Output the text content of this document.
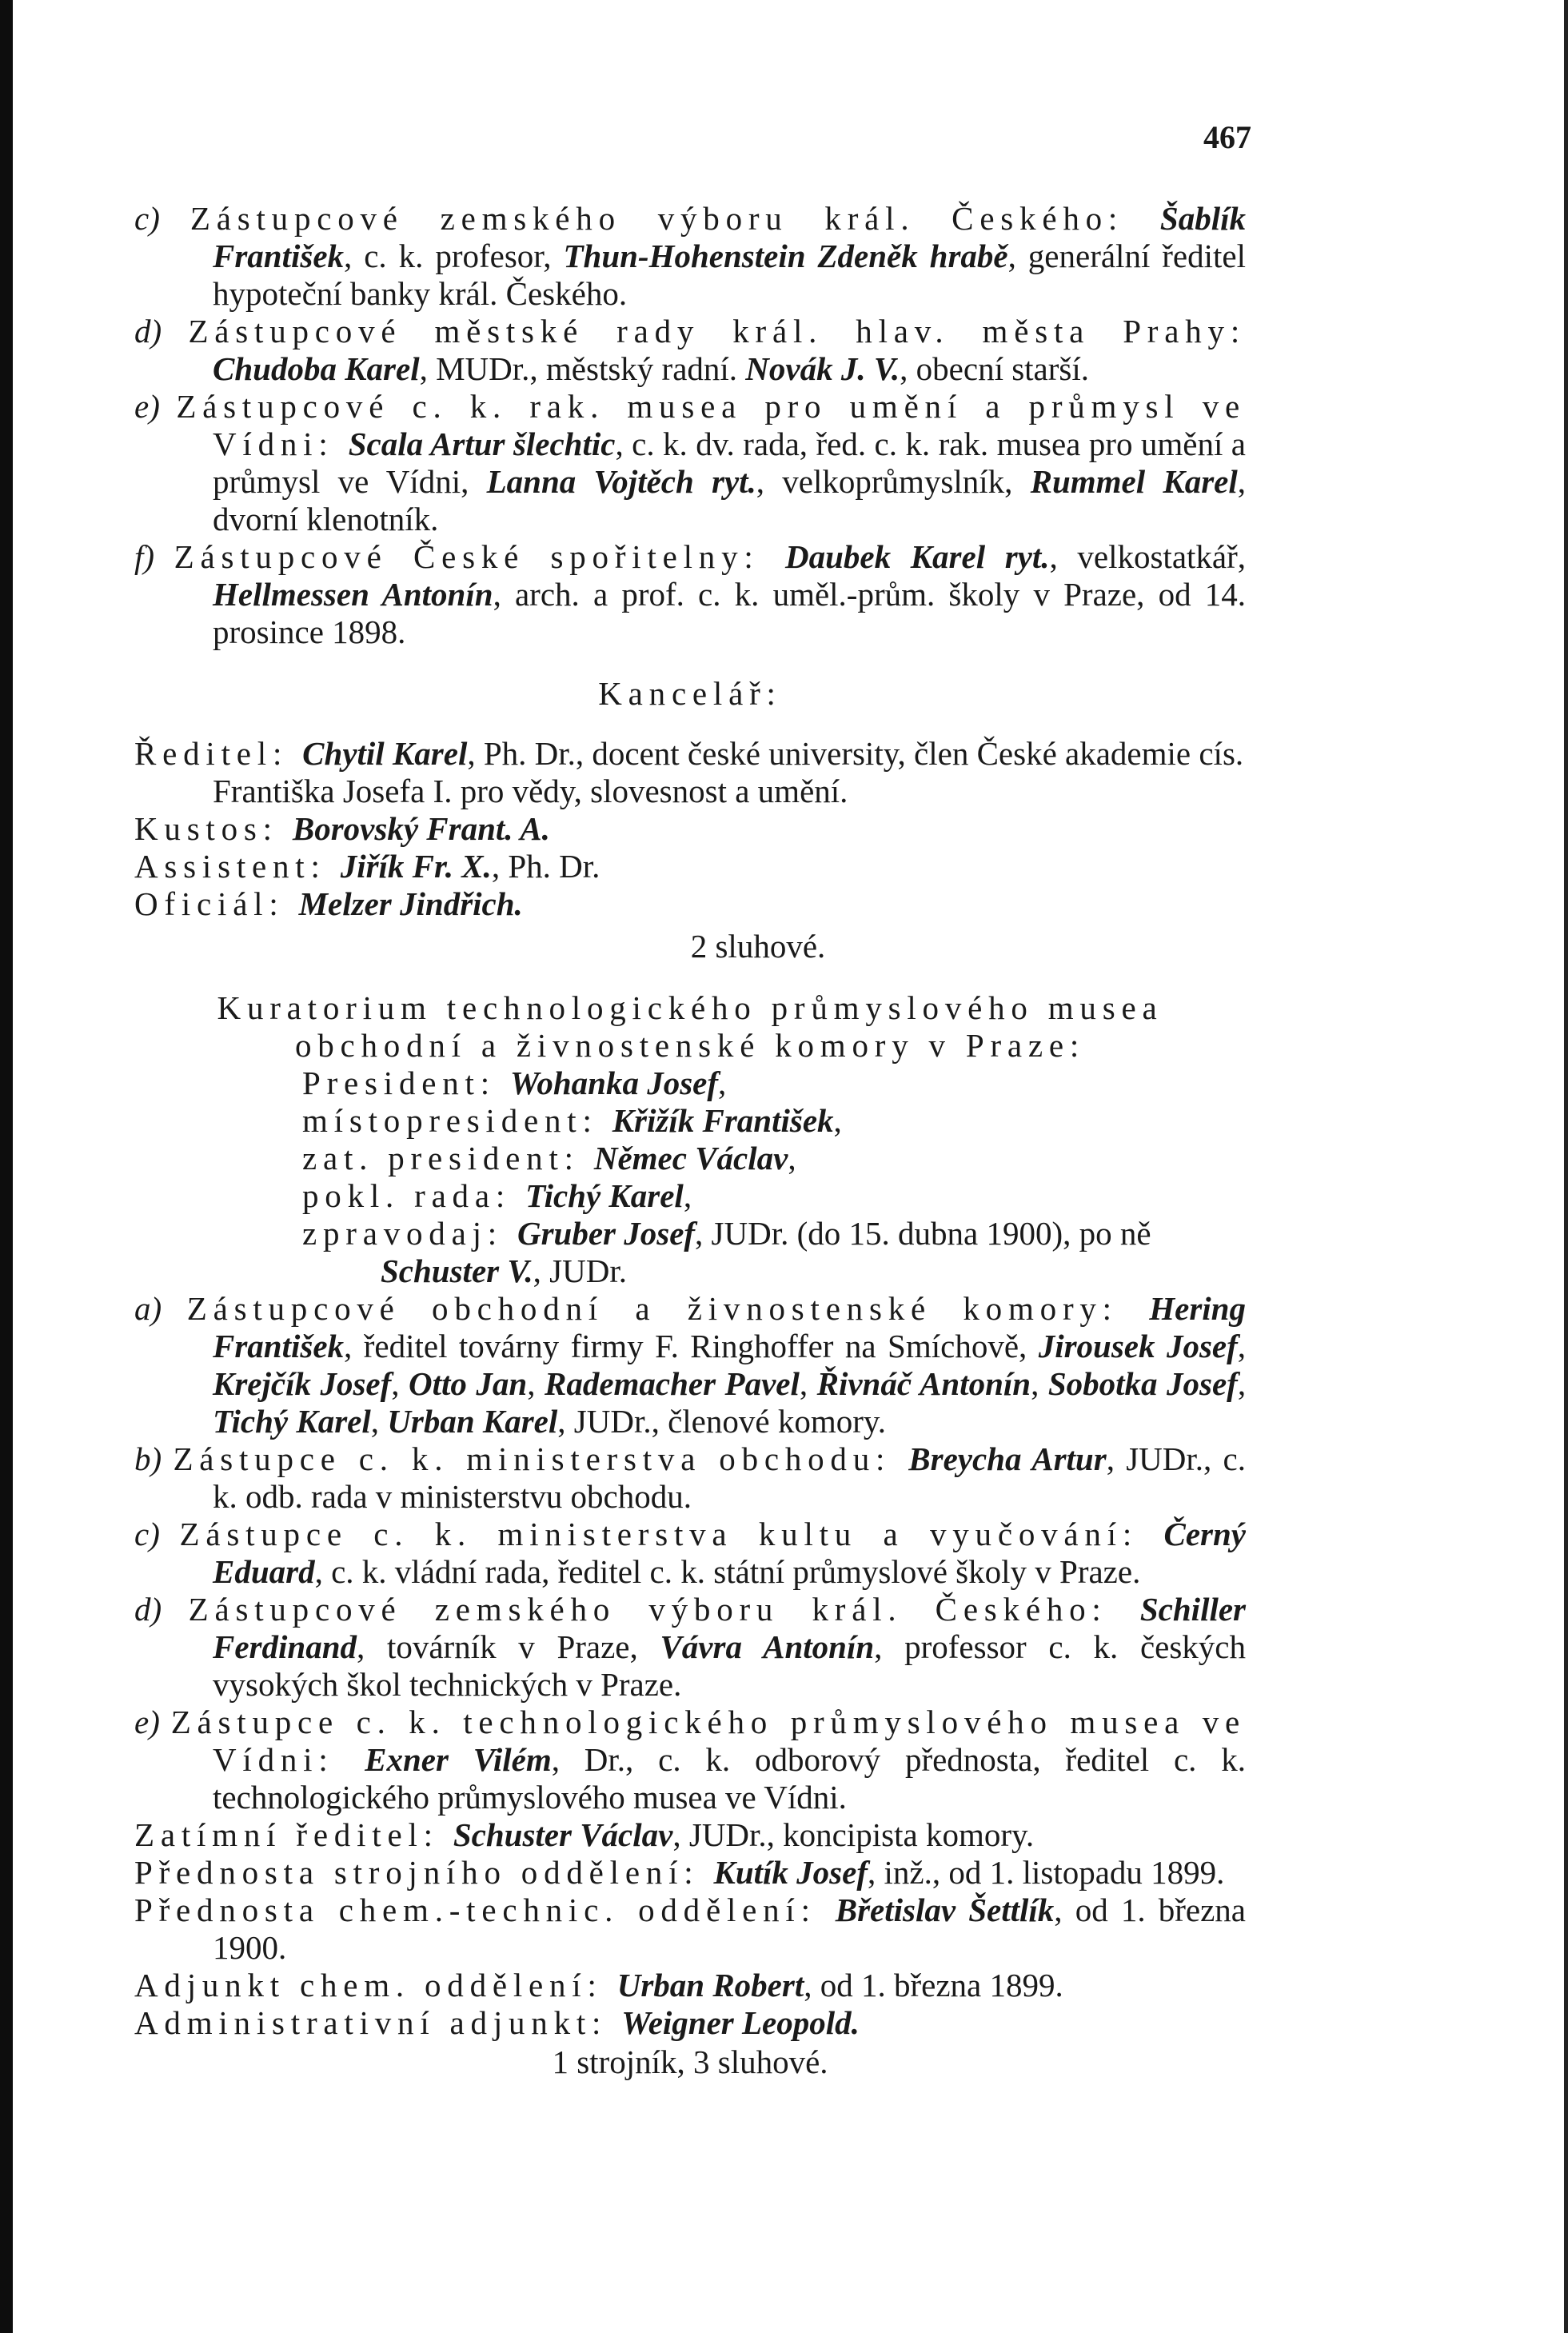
467

c) Zástupcové zemského výboru král. Českého: Šablík František, c. k. profesor, Thun-Hohenstein Zdeněk hrabě, generální ředitel hypoteční banky král. Českého.

d) Zástupcové městské rady král. hlav. města Prahy: Chudoba Karel, MUDr., městský radní. Novák J. V., obecní starší.

e) Zástupcové c. k. rak. musea pro umění a průmysl ve Vídni: Scala Artur šlechtic, c. k. dv. rada, řed. c. k. rak. musea pro umění a průmysl ve Vídni, Lanna Vojtěch ryt., velkoprůmyslník, Rummel Karel, dvorní klenotník.

f) Zástupcové České spořitelny: Daubek Karel ryt., velkostatkář, Hellmessen Antonín, arch. a prof. c. k. uměl.-prům. školy v Praze, od 14. prosince 1898.

Kancelář:

Ředitel: Chytil Karel, Ph. Dr., docent české university, člen České akademie cís. Františka Josefa I. pro vědy, slovesnost a umění.

Kustos: Borovský Frant. A.

Assistent: Jiřík Fr. X., Ph. Dr.

Oficiál: Melzer Jindřich.

2 sluhové.
Kuratorium technologického průmyslového musea
obchodní a živnostenské komory v Praze:

President: Wohanka Josef,

místopresident: Křižík František,

zat. president: Němec Václav,

pokl. rada: Tichý Karel,

zpravodaj: Gruber Josef, JUDr. (do 15. dubna 1900), po ně Schuster V., JUDr.

a) Zástupcové obchodní a živnostenské komory: Hering František, ředitel továrny firmy F. Ringhoffer na Smíchově, Jirousek Josef, Krejčík Josef, Otto Jan, Rademacher Pavel, Řivnáč Antonín, Sobotka Josef, Tichý Karel, Urban Karel, JUDr., členové komory.

b) Zástupce c. k. ministerstva obchodu: Breycha Artur, JUDr., c. k. odb. rada v ministerstvu obchodu.

c) Zástupce c. k. ministerstva kultu a vyučování: Černý Eduard, c. k. vládní rada, ředitel c. k. státní průmyslové školy v Praze.

d) Zástupcové zemského výboru král. Českého: Schiller Ferdinand, továrník v Praze, Vávra Antonín, professor c. k. českých vysokých škol technických v Praze.

e) Zástupce c. k. technologického průmyslového musea ve Vídni: Exner Vilém, Dr., c. k. odborový přednosta, ředitel c. k. technologického průmyslového musea ve Vídni.

Zatímní ředitel: Schuster Václav, JUDr., koncipista komory.

Přednosta strojního oddělení: Kutík Josef, inž., od 1. listopadu 1899.

Přednosta chem.-technic. oddělení: Břetislav Šettlík, od 1. března 1900.

Adjunkt chem. oddělení: Urban Robert, od 1. března 1899.

Administrativní adjunkt: Weigner Leopold.

1 strojník, 3 sluhové.
